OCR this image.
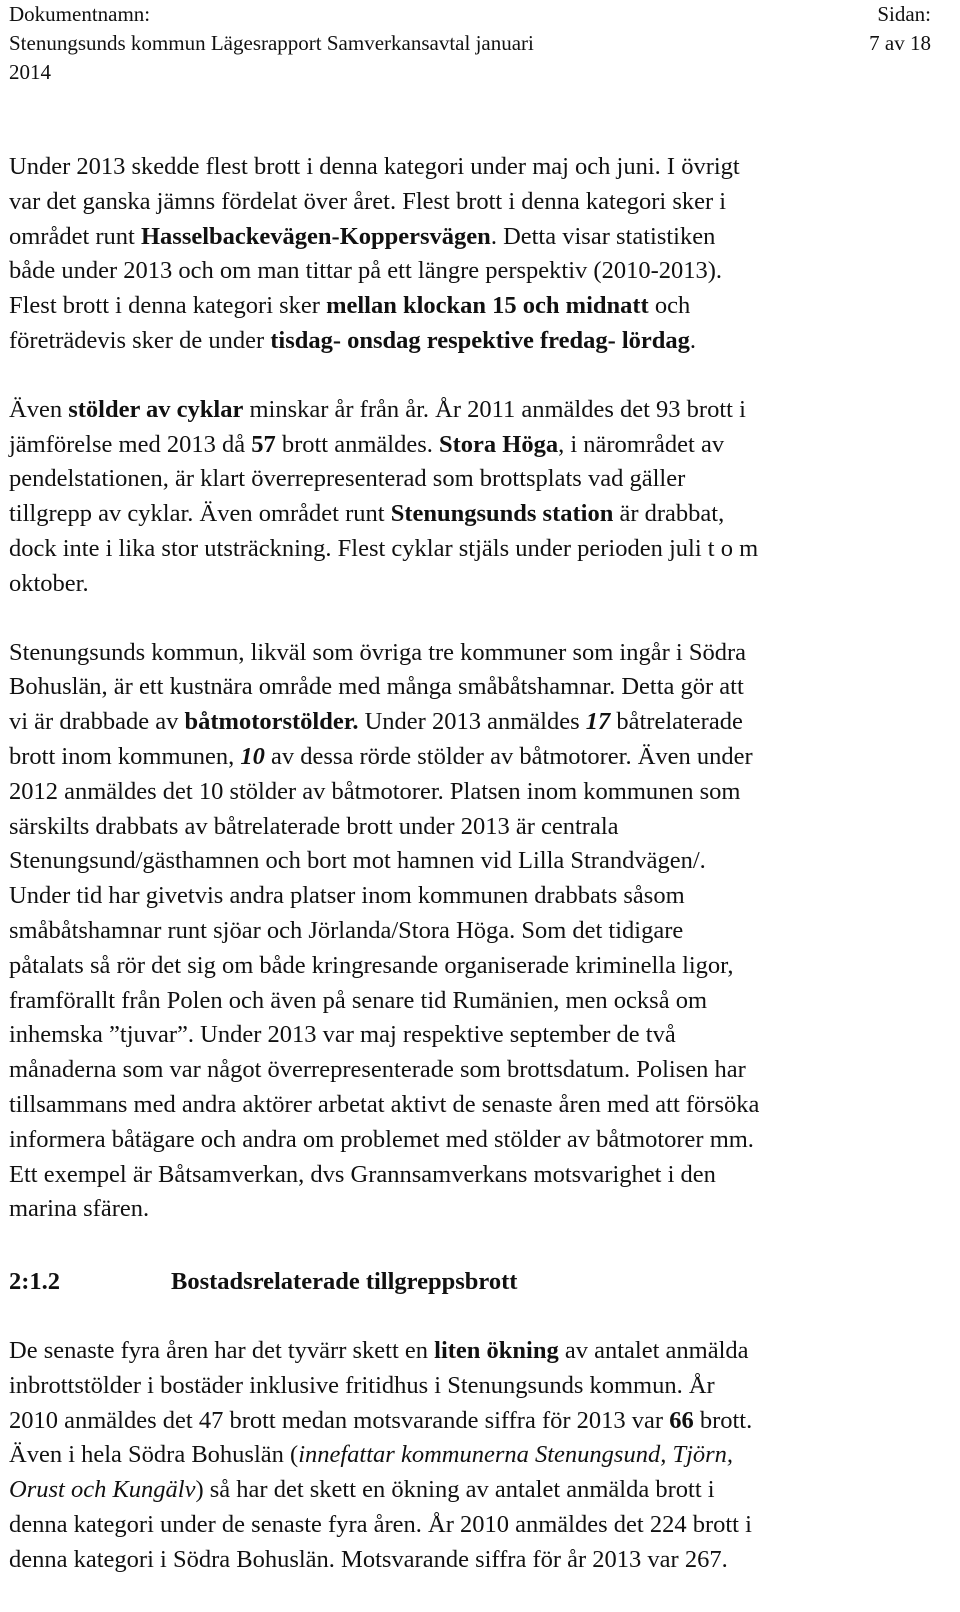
Dokumentnamn:
Stenungsunds kommun Lägesrapport Samverkansavtal januari
2014
Sidan:
7 av 18

Under 2013 skedde flest brott i denna kategori under maj och juni. I övrigt
var det ganska jämns fördelat över året. Flest brott i denna kategori sker i
området runt Hasselbackevägen-Koppersvägen. Detta visar statistiken
både under 2013 och om man tittar på ett längre perspektiv (2010-2013).
Flest brott i denna kategori sker mellan klockan 15 och midnatt och
företrädevis sker de under tisdag- onsdag respektive fredag- lördag.

Även stölder av cyklar minskar år från år. År 2011 anmäldes det 93 brott i
jämförelse med 2013 då 57 brott anmäldes. Stora Höga, i närområdet av
pendelstationen, är klart överrepresenterad som brottsplats vad gäller
tillgrepp av cyklar. Även området runt Stenungsunds station är drabbat,
dock inte i lika stor utsträckning. Flest cyklar stjäls under perioden juli t o m
oktober.

Stenungsunds kommun, likväl som övriga tre kommuner som ingår i Södra
Bohuslän, är ett kustnära område med många småbåtshamnar. Detta gör att
vi är drabbade av båtmotorstölder. Under 2013 anmäldes 17 båtrelaterade
brott inom kommunen, 10 av dessa rörde stölder av båtmotorer. Även under
2012 anmäldes det 10 stölder av båtmotorer. Platsen inom kommunen som
särskilts drabbats av båtrelaterade brott under 2013 är centrala
Stenungsund/gästhamnen och bort mot hamnen vid Lilla Strandvägen/.
Under tid har givetvis andra platser inom kommunen drabbats såsom
småbåtshamnar runt sjöar och Jörlanda/Stora Höga. Som det tidigare
påtalats så rör det sig om både kringresande organiserade kriminella ligor,
framförallt från Polen och även på senare tid Rumänien, men också om
inhemska ”tjuvar”. Under 2013 var maj respektive september de två
månaderna som var något överrepresenterade som brottsdatum. Polisen har
tillsammans med andra aktörer arbetat aktivt de senaste åren med att försöka
informera båtägare och andra om problemet med stölder av båtmotorer mm.
Ett exempel är Båtsamverkan, dvs Grannsamverkans motsvarighet i den
marina sfären.

2:1.2	Bostadsrelaterade tillgreppsbrott

De senaste fyra åren har det tyvärr skett en liten ökning av antalet anmälda
inbrottstölder i bostäder inklusive fritidhus i Stenungsunds kommun. År
2010 anmäldes det 47 brott medan motsvarande siffra för 2013 var 66 brott.
Även i hela Södra Bohuslän (innefattar kommunerna Stenungsund, Tjörn,
Orust och Kungälv) så har det skett en ökning av antalet anmälda brott i
denna kategori under de senaste fyra åren. År 2010 anmäldes det 224 brott i
denna kategori i Södra Bohuslän. Motsvarande siffra för år 2013 var 267.
